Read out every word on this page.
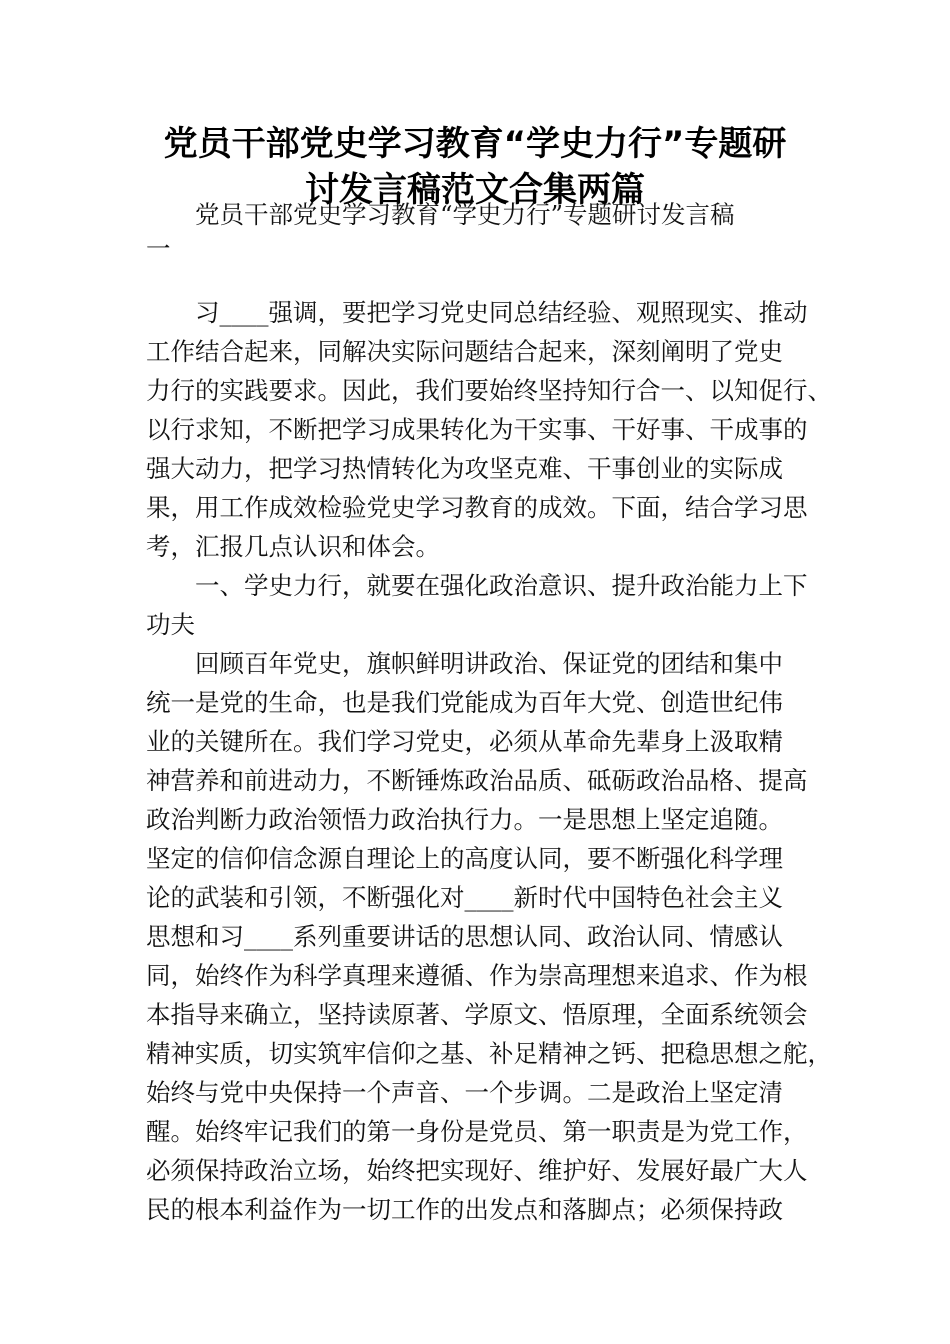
党员干部党史学习教育“学史力行”专题研
讨发言稿范文合集两篇
　　党员干部党史学习教育“学史力行”专题研讨发言稿
一
　　习____强调，要把学习党史同总结经验、观照现实、推动
工作结合起来，同解决实际问题结合起来，深刻阐明了党史
力行的实践要求。因此，我们要始终坚持知行合一、以知促行、
以行求知，不断把学习成果转化为干实事、干好事、干成事的
强大动力，把学习热情转化为攻坚克难、干事创业的实际成
果，用工作成效检验党史学习教育的成效。下面，结合学习思
考，汇报几点认识和体会。
　　一、学史力行，就要在强化政治意识、提升政治能力上下
功夫
　　回顾百年党史，旗帜鲜明讲政治、保证党的团结和集中
统一是党的生命，也是我们党能成为百年大党、创造世纪伟
业的关键所在。我们学习党史，必须从革命先辈身上汲取精
神营养和前进动力，不断锤炼政治品质、砥砺政治品格、提高
政治判断力政治领悟力政治执行力。一是思想上坚定追随。
坚定的信仰信念源自理论上的高度认同，要不断强化科学理
论的武装和引领，不断强化对____新时代中国特色社会主义
思想和习____系列重要讲话的思想认同、政治认同、情感认
同，始终作为科学真理来遵循、作为崇高理想来追求、作为根
本指导来确立，坚持读原著、学原文、悟原理，全面系统领会
精神实质，切实筑牢信仰之基、补足精神之钙、把稳思想之舵，
始终与党中央保持一个声音、一个步调。二是政治上坚定清
醒。始终牢记我们的第一身份是党员、第一职责是为党工作，
必须保持政治立场，始终把实现好、维护好、发展好最广大人
民的根本利益作为一切工作的出发点和落脚点；必须保持政
